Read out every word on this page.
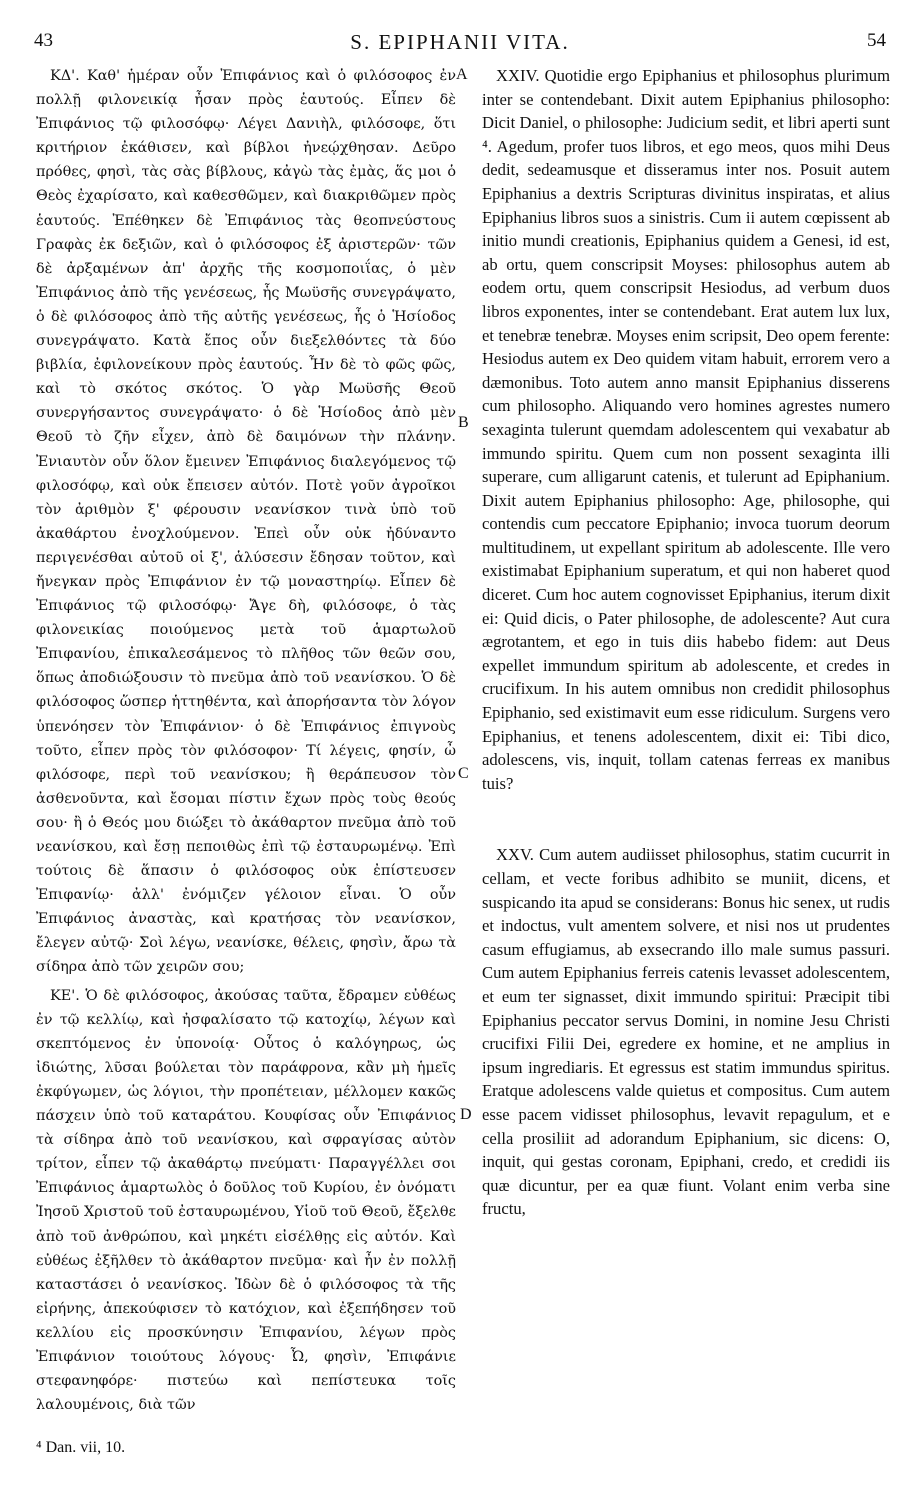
43	S. EPIPHANII VITA.	54

ΚΔ'. Καθ' ἡμέραν οὖν Ἐπιφάνιος καὶ ὁ φιλόσοφος ἐν πολλῇ φιλονεικίᾳ ἦσαν πρὸς ἑαυτούς. Εἶπεν δὲ Ἐπιφάνιος τῷ φιλοσόφῳ· Λέγει Δανιὴλ, φιλόσοφε, ὅτι κριτήριον ἐκάθισεν, καὶ βίβλοι ἠνεῴχθησαν. Δεῦρο πρόθες, φησὶ, τὰς σὰς βίβλους, κἀγὼ τὰς ἐμὰς, ἅς μοι ὁ Θεὸς ἐχαρίσατο, καὶ καθεσθῶμεν, καὶ διακριθῶμεν πρὸς ἑαυτούς. Ἐπέθηκεν δὲ Ἐπιφάνιος τὰς θεοπνεύστους Γραφὰς ἐκ δεξιῶν, καὶ ὁ φιλόσοφος ἐξ ἀριστερῶν· τῶν δὲ ἀρξαμένων ἀπ' ἀρχῆς τῆς κοσμοποιΐας, ὁ μὲν Ἐπιφάνιος ἀπὸ τῆς γενέσεως, ἧς Μωϋσῆς συνεγράψατο, ὁ δὲ φιλόσοφος ἀπὸ τῆς αὐτῆς γενέσεως, ἧς ὁ Ἡσίοδος συνεγράψατο. Κατὰ ἔπος οὖν διεξελθόντες τὰ δύο βιβλία, ἐφιλονείκουν πρὸς ἑαυτούς. Ἦν δὲ τὸ φῶς φῶς, καὶ τὸ σκότος σκότος. Ὁ γὰρ Μωϋσῆς Θεοῦ συνεργήσαντος συνεγράψατο· ὁ δὲ Ἡσίοδος ἀπὸ μὲν Θεοῦ τὸ ζῆν εἶχεν, ἀπὸ δὲ δαιμόνων τὴν πλάνην. Ἐνιαυτὸν οὖν ὅλον ἔμεινεν Ἐπιφάνιος διαλεγόμενος τῷ φιλοσόφῳ, καὶ οὐκ ἔπεισεν αὐτόν. Ποτὲ γοῦν ἀγροῖκοι τὸν ἀριθμὸν ξ' φέρουσιν νεανίσκον τινὰ ὑπὸ τοῦ ἀκαθάρτου ἐνοχλούμενον. Ἐπεὶ οὖν οὐκ ἠδύναντο περιγενέσθαι αὐτοῦ οἱ ξ', ἁλύσεσιν ἔδησαν τοῦτον, καὶ ἤνεγκαν πρὸς Ἐπιφάνιον ἐν τῷ μοναστηρίῳ. Εἶπεν δὲ Ἐπιφάνιος τῷ φιλοσόφῳ· Ἄγε δὴ, φιλόσοφε, ὁ τὰς φιλονεικίας ποιούμενος μετὰ τοῦ ἁμαρτωλοῦ Ἐπιφανίου, ἐπικαλεσάμενος τὸ πλῆθος τῶν θεῶν σου, ὅπως ἀποδιώξουσιν τὸ πνεῦμα ἀπὸ τοῦ νεανίσκου. Ὁ δὲ φιλόσοφος ὥσπερ ἡττηθέντα, καὶ ἀπορήσαντα τὸν λόγον ὑπενόησεν τὸν Ἐπιφάνιον· ὁ δὲ Ἐπιφάνιος ἐπιγνοὺς τοῦτο, εἶπεν πρὸς τὸν φιλόσοφον· Τί λέγεις, φησίν, ὦ φιλόσοφε, περὶ τοῦ νεανίσκου; ἢ θεράπευσον τὸν ἀσθενοῦντα, καὶ ἔσομαι πίστιν ἔχων πρὸς τοὺς θεούς σου· ἢ ὁ Θεός μου διώξει τὸ ἀκάθαρτον πνεῦμα ἀπὸ τοῦ νεανίσκου, καὶ ἔσῃ πεποιθὼς ἐπὶ τῷ ἐσταυρωμένῳ. Ἐπὶ τούτοις δὲ ἅπασιν ὁ φιλόσοφος οὐκ ἐπίστευσεν Ἐπιφανίῳ· ἀλλ' ἐνόμιζεν γέλοιον εἶναι. Ὁ οὖν Ἐπιφάνιος ἀναστὰς, καὶ κρατήσας τὸν νεανίσκον, ἔλεγεν αὐτῷ· Σοὶ λέγω, νεανίσκε, θέλεις, φησὶν, ἄρω τὰ σίδηρα ἀπὸ τῶν χειρῶν σου;

ΚΕ'. Ὁ δὲ φιλόσοφος, ἀκούσας ταῦτα, ἔδραμεν εὐθέως ἐν τῷ κελλίῳ, καὶ ἠσφαλίσατο τῷ κατοχίῳ, λέγων καὶ σκεπτόμενος ἐν ὑπονοίᾳ· Οὗτος ὁ καλόγηρως, ὡς ἰδιώτης, λῦσαι βούλεται τὸν παράφρονα, κἂν μὴ ἡμεῖς ἐκφύγωμεν, ὡς λόγιοι, τὴν προπέτειαν, μέλλομεν κακῶς πάσχειν ὑπὸ τοῦ καταράτου. Κουφίσας οὖν Ἐπιφάνιος τὰ σίδηρα ἀπὸ τοῦ νεανίσκου, καὶ σφραγίσας αὐτὸν τρίτον, εἶπεν τῷ ἀκαθάρτῳ πνεύματι· Παραγγέλλει σοι Ἐπιφάνιος ἁμαρτωλὸς ὁ δοῦλος τοῦ Κυρίου, ἐν ὀνόματι Ἰησοῦ Χριστοῦ τοῦ ἐσταυρωμένου, Υἱοῦ τοῦ Θεοῦ, ἔξελθε ἀπὸ τοῦ ἀνθρώπου, καὶ μηκέτι εἰσέλθῃς εἰς αὐτόν. Καὶ εὐθέως ἐξῆλθεν τὸ ἀκάθαρτον πνεῦμα· καὶ ἦν ἐν πολλῇ καταστάσει ὁ νεανίσκος. Ἰδὼν δὲ ὁ φιλόσοφος τὰ τῆς εἰρήνης, ἀπεκούφισεν τὸ κατόχιον, καὶ ἐξεπήδησεν τοῦ κελλίου εἰς προσκύνησιν Ἐπιφανίου, λέγων πρὸς Ἐπιφάνιον τοιούτους λόγους· Ὦ, φησὶν, Ἐπιφάνιε στεφανηφόρε· πιστεύω καὶ πεπίστευκα τοῖς λαλουμένοις, διὰ τῶν

A
B
C
D

XXIV. Quotidie ergo Epiphanius et philosophus plurimum inter se contendebant. Dixit autem Epiphanius philosopho: Dicit Daniel, o philosophe: Judicium sedit, et libri aperti sunt ⁴. Agedum, profer tuos libros, et ego meos, quos mihi Deus dedit, sedeamusque et disseramus inter nos. Posuit autem Epiphanius a dextris Scripturas divinitus inspiratas, et alius Epiphanius libros suos a sinistris. Cum ii autem cœpissent ab initio mundi creationis, Epiphanius quidem a Genesi, id est, ab ortu, quem conscripsit Moyses: philosophus autem ab eodem ortu, quem conscripsit Hesiodus, ad verbum duos libros exponentes, inter se contendebant. Erat autem lux lux, et tenebræ tenebræ. Moyses enim scripsit, Deo opem ferente: Hesiodus autem ex Deo quidem vitam habuit, errorem vero a dæmonibus. Toto autem anno mansit Epiphanius disserens cum philosopho. Aliquando vero homines agrestes numero sexaginta tulerunt quemdam adolescentem qui vexabatur ab immundo spiritu. Quem cum non possent sexaginta illi superare, cum alligarunt catenis, et tulerunt ad Epiphanium. Dixit autem Epiphanius philosopho: Age, philosophe, qui contendis cum peccatore Epiphanio; invoca tuorum deorum multitudinem, ut expellant spiritum ab adolescente. Ille vero existimabat Epiphanium superatum, et qui non haberet quod diceret. Cum hoc autem cognovisset Epiphanius, iterum dixit ei: Quid dicis, o Pater philosophe, de adolescente? Aut cura ægrotantem, et ego in tuis diis habebo fidem: aut Deus expellet immundum spiritum ab adolescente, et credes in crucifixum. In his autem omnibus non credidit philosophus Epiphanio, sed existimavit eum esse ridiculum. Surgens vero Epiphanius, et tenens adolescentem, dixit ei: Tibi dico, adolescens, vis, inquit, tollam catenas ferreas ex manibus tuis?

XXV. Cum autem audiisset philosophus, statim cucurrit in cellam, et vecte foribus adhibito se muniit, dicens, et suspicando ita apud se considerans: Bonus hic senex, ut rudis et indoctus, vult amentem solvere, et nisi nos ut prudentes casum effugiamus, ab exsecrando illo male sumus passuri. Cum autem Epiphanius ferreis catenis levasset adolescentem, et eum ter signasset, dixit immundo spiritui: Præcipit tibi Epiphanius peccator servus Domini, in nomine Jesu Christi crucifixi Filii Dei, egredere ex homine, et ne amplius in ipsum ingrediaris. Et egressus est statim immundus spiritus. Eratque adolescens valde quietus et compositus. Cum autem esse pacem vidisset philosophus, levavit repagulum, et e cella prosiliit ad adorandum Epiphanium, sic dicens: O, inquit, qui gestas coronam, Epiphani, credo, et credidi iis quæ dicuntur, per ea quæ fiunt. Volant enim verba sine fructu,

⁴ Dan. vii, 10.
